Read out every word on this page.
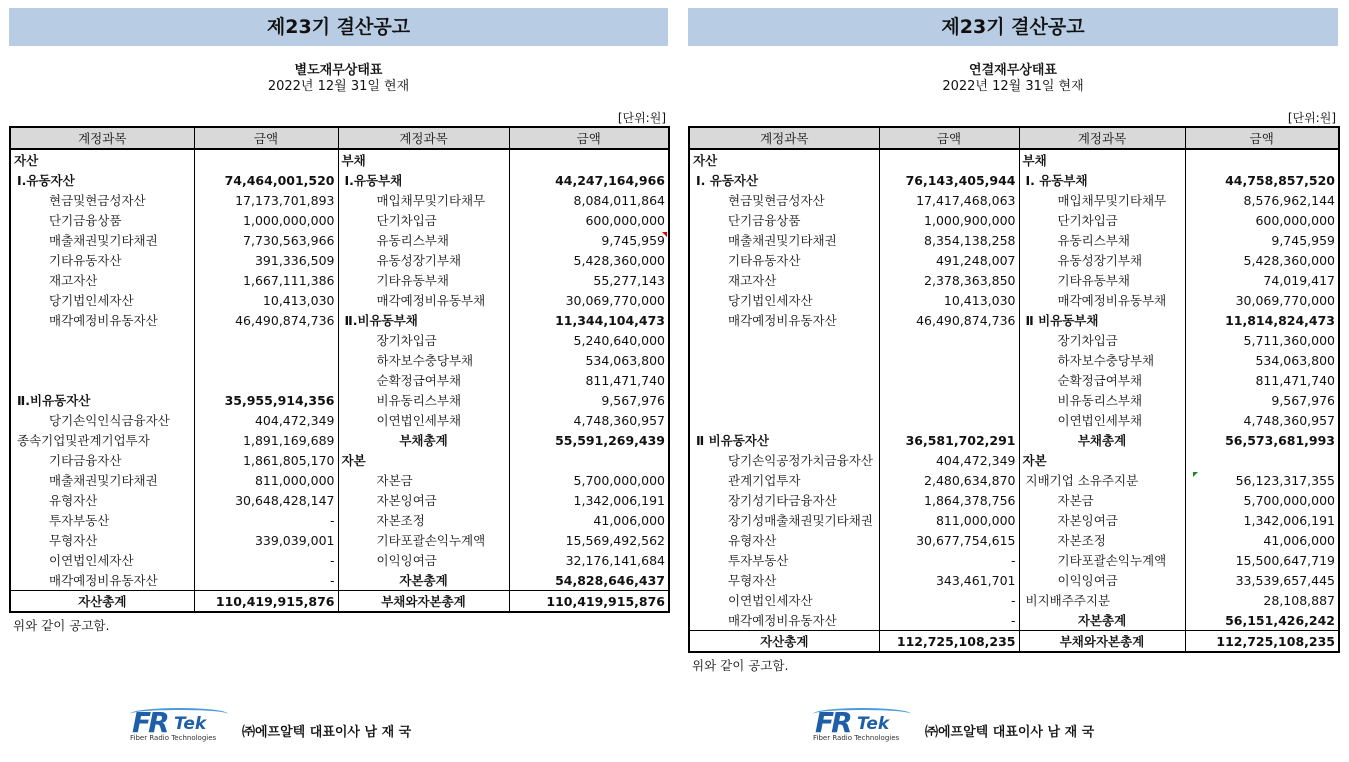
제23기 결산공고
별도재무상태표
2022년 12월 31일 현재
[단위:원]
계정과목	금액	계정과목	금액
자산		부채	
Ⅰ.유동자산	74,464,001,520	Ⅰ.유동부채	44,247,164,966
현금및현금성자산	17,173,701,893	매입채무및기타채무	8,084,011,864
단기금융상품	1,000,000,000	단기차입금	600,000,000
매출채권및기타채권	7,730,563,966	유동리스부채	9,745,959
기타유동자산	391,336,509	유동성장기부채	5,428,360,000
재고자산	1,667,111,386	기타유동부채	55,277,143
당기법인세자산	10,413,030	매각예정비유동부채	30,069,770,000
매각예정비유동자산	46,490,874,736	Ⅱ.비유동부채	11,344,104,473
		장기차입금	5,240,640,000
		하자보수충당부채	534,063,800
		순확정급여부채	811,471,740
Ⅱ.비유동자산	35,955,914,356	비유동리스부채	9,567,976
당기손익인식금융자산	404,472,349	이연법인세부채	4,748,360,957
종속기업및관계기업투자	1,891,169,689	부채총계	55,591,269,439
기타금융자산	1,861,805,170	자본	
매출채권및기타채권	811,000,000	자본금	5,700,000,000
유형자산	30,648,428,147	자본잉여금	1,342,006,191
투자부동산	-	자본조정	41,006,000
무형자산	339,039,001	기타포괄손익누계액	15,569,492,562
이연법인세자산	-	이익잉여금	32,176,141,684
매각예정비유동자산	-	자본총계	54,828,646,437
자산총계	110,419,915,876	부채와자본총계	110,419,915,876
위와 같이 공고함.
FR Tek
Fiber Radio Technologies ㈜에프알텍 대표이사 남 재 국
제23기 결산공고
연결재무상태표
2022년 12월 31일 현재
[단위:원]
계정과목	금액	계정과목	금액
자산		부채	
Ⅰ. 유동자산	76,143,405,944	Ⅰ. 유동부채	44,758,857,520
현금및현금성자산	17,417,468,063	매입채무및기타채무	8,576,962,144
단기금융상품	1,000,900,000	단기차입금	600,000,000
매출채권및기타채권	8,354,138,258	유동리스부채	9,745,959
기타유동자산	491,248,007	유동성장기부채	5,428,360,000
재고자산	2,378,363,850	기타유동부채	74,019,417
당기법인세자산	10,413,030	매각예정비유동부채	30,069,770,000
매각예정비유동자산	46,490,874,736	Ⅱ 비유동부채	11,814,824,473
		장기차입금	5,711,360,000
		하자보수충당부채	534,063,800
		순확정급여부채	811,471,740
		비유동리스부채	9,567,976
		이연법인세부채	4,748,360,957
Ⅱ 비유동자산	36,581,702,291	부채총계	56,573,681,993
당기손익공정가치금융자산	404,472,349	자본	
관계기업투자	2,480,634,870	지배기업 소유주지분	56,123,317,355
장기성기타금융자산	1,864,378,756	자본금	5,700,000,000
장기성매출채권및기타채권	811,000,000	자본잉여금	1,342,006,191
유형자산	30,677,754,615	자본조정	41,006,000
투자부동산	-	기타포괄손익누계액	15,500,647,719
무형자산	343,461,701	이익잉여금	33,539,657,445
이연법인세자산	-	비지배주주지분	28,108,887
매각예정비유동자산	-	자본총계	56,151,426,242
자산총계	112,725,108,235	부채와자본총계	112,725,108,235
위와 같이 공고함.
FR Tek
Fiber Radio Technologies ㈜에프알텍 대표이사 남 재 국
